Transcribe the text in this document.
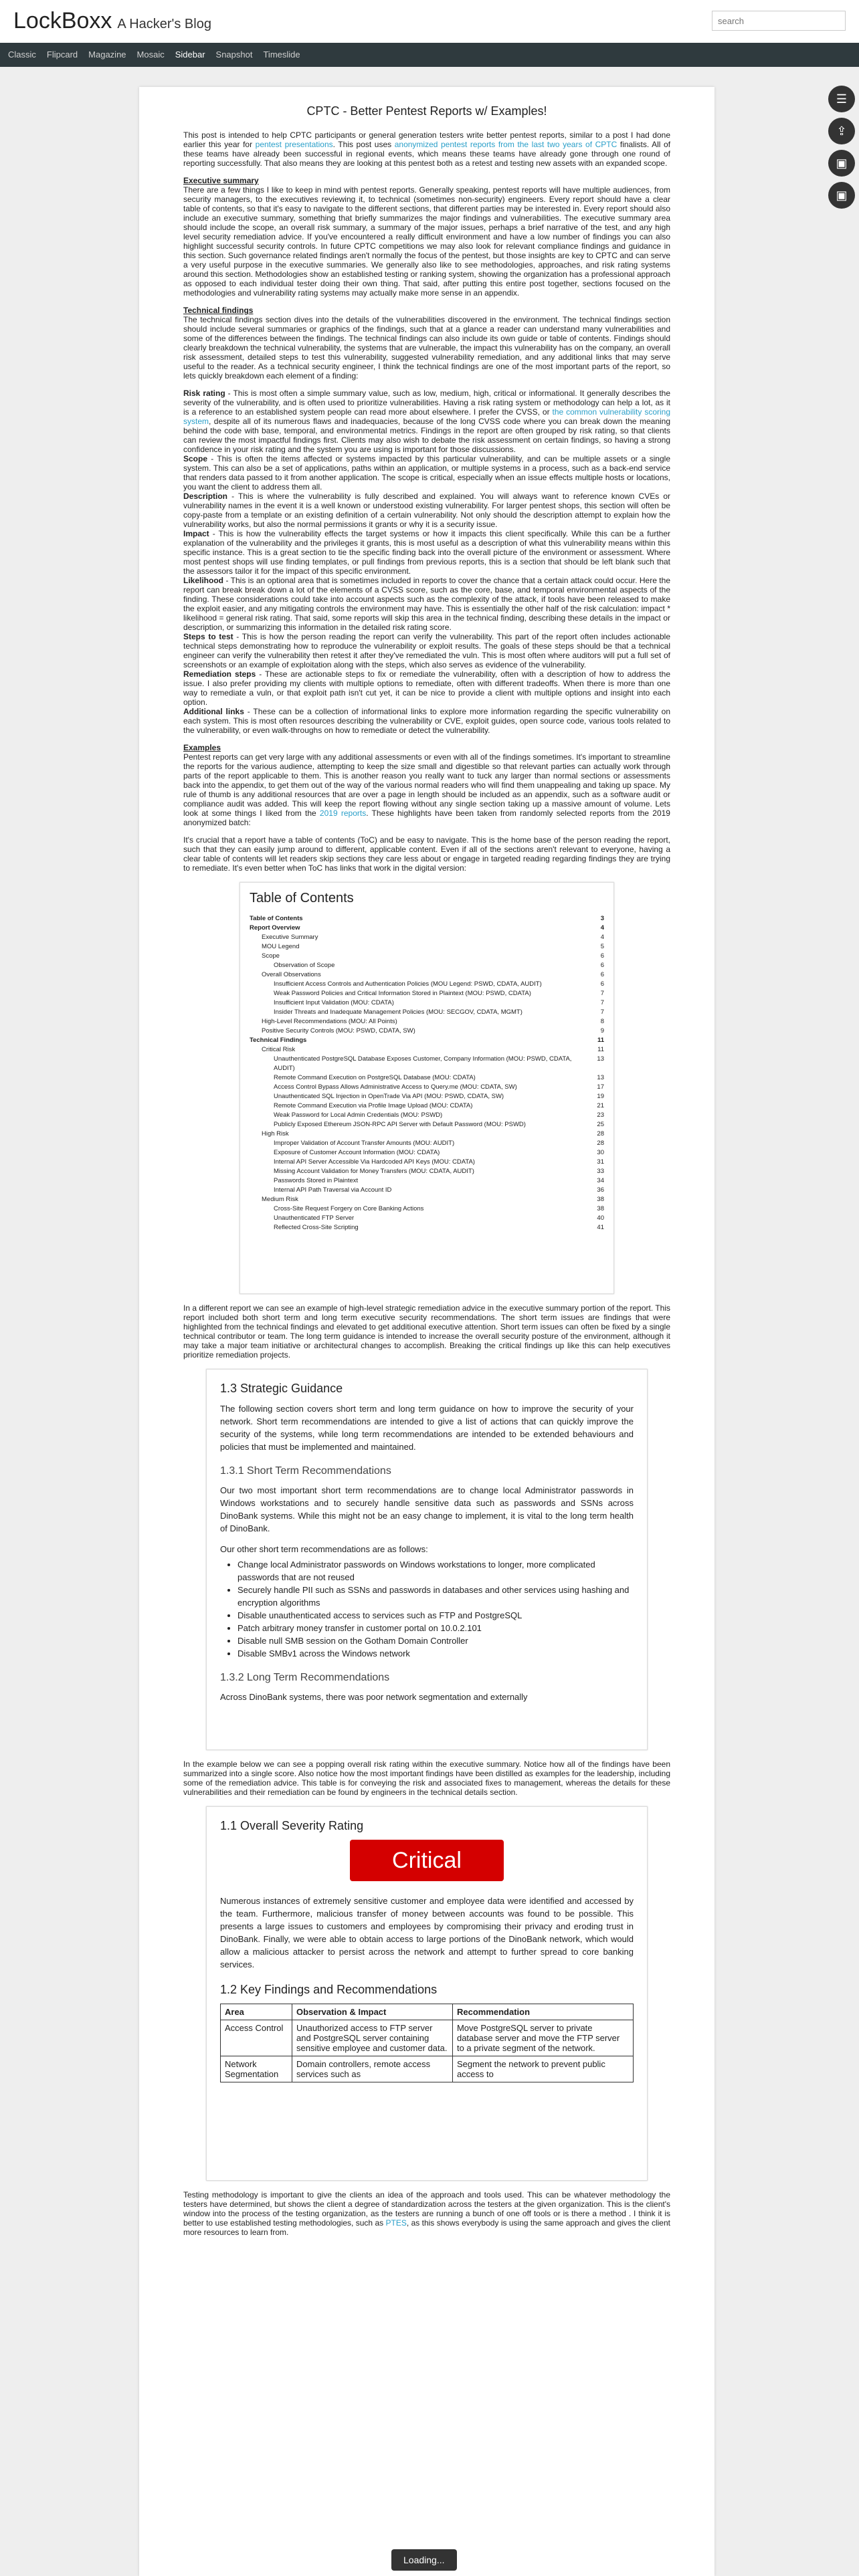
LockBoxx A Hacker's Blog
search
Classic Flipcard Magazine Mosaic Sidebar Snapshot Timeslide
☰
⇪
▣
▣
CPTC - Better Pentest Reports w/ Examples!

This post is intended to help CPTC participants or general generation testers write better pentest reports, similar to a post I had done earlier this year for pentest presentations. This post uses anonymized pentest reports from the last two years of CPTC finalists. All of these teams have already been successful in regional events, which means these teams have already gone through one round of reporting successfully. That also means they are looking at this pentest both as a retest and testing new assets with an expanded scope.

Executive summary

There are a few things I like to keep in mind with pentest reports. Generally speaking, pentest reports will have multiple audiences, from security managers, to the executives reviewing it, to technical (sometimes non-security) engineers. Every report should have a clear table of contents, so that it's easy to navigate to the different sections, that different parties may be interested in. Every report should also include an executive summary, something that briefly summarizes the major findings and vulnerabilities. The executive summary area should include the scope, an overall risk summary, a summary of the major issues, perhaps a brief narrative of the test, and any high level security remediation advice. If you've encountered a really difficult environment and have a low number of findings you can also highlight successful security controls. In future CPTC competitions we may also look for relevant compliance findings and guidance in this section. Such governance related findings aren't normally the focus of the pentest, but those insights are key to CPTC and can serve a very useful purpose in the executive summaries. We generally also like to see methodologies, approaches, and risk rating systems around this section. Methodologies show an established testing or ranking system, showing the organization has a professional approach as opposed to each individual tester doing their own thing. That said, after putting this entire post together, sections focused on the methodologies and vulnerability rating systems may actually make more sense in an appendix.

Technical findings

The technical findings section dives into the details of the vulnerabilities discovered in the environment. The technical findings section should include several summaries or graphics of the findings, such that at a glance a reader can understand many vulnerabilities and some of the differences between the findings. The technical findings can also include its own guide or table of contents. Findings should clearly breakdown the technical vulnerability, the systems that are vulnerable, the impact this vulnerability has on the company, an overall risk assessment, detailed steps to test this vulnerability, suggested vulnerability remediation, and any additional links that may serve useful to the reader. As a technical security engineer, I think the technical findings are one of the most important parts of the report, so lets quickly breakdown each element of a finding:

Risk rating - This is most often a simple summary value, such as low, medium, high, critical or informational. It generally describes the severity of the vulnerability, and is often used to prioritize vulnerabilities. Having a risk rating system or methodology can help a lot, as it is a reference to an established system people can read more about elsewhere. I prefer the CVSS, or the common vulnerability scoring system, despite all of its numerous flaws and inadequacies, because of the long CVSS code where you can break down the meaning behind the code with base, temporal, and environmental metrics. Findings in the report are often grouped by risk rating, so that clients can review the most impactful findings first. Clients may also wish to debate the risk assessment on certain findings, so having a strong confidence in your risk rating and the system you are using is important for those discussions.
Scope - This is often the items affected or systems impacted by this particular vulnerability, and can be multiple assets or a single system. This can also be a set of applications, paths within an application, or multiple systems in a process, such as a back-end service that renders data passed to it from another application. The scope is critical, especially when an issue effects multiple hosts or locations, you want the client to address them all.
Description - This is where the vulnerability is fully described and explained. You will always want to reference known CVEs or vulnerability names in the event it is a well known or understood existing vulnerability. For larger pentest shops, this section will often be copy-paste from a template or an existing definition of a certain vulnerability. Not only should the description attempt to explain how the vulnerability works, but also the normal permissions it grants or why it is a security issue.
Impact - This is how the vulnerability effects the target systems or how it impacts this client specifically. While this can be a further explanation of the vulnerability and the privileges it grants, this is most useful as a description of what this vulnerability means within this specific instance. This is a great section to tie the specific finding back into the overall picture of the environment or assessment. Where most pentest shops will use finding templates, or pull findings from previous reports, this is a section that should be left blank such that the assessors tailor it for the impact of this specific environment.
Likelihood - This is an optional area that is sometimes included in reports to cover the chance that a certain attack could occur. Here the report can break break down a lot of the elements of a CVSS score, such as the core, base, and temporal environmental aspects of the finding. These considerations could take into account aspects such as the complexity of the attack, if tools have been released to make the exploit easier, and any mitigating controls the environment may have. This is essentially the other half of the risk calculation: impact * likelihood = general risk rating. That said, some reports will skip this area in the technical finding, describing these details in the impact or description, or summarizing this information in the detailed risk rating score.
Steps to test - This is how the person reading the report can verify the vulnerability. This part of the report often includes actionable technical steps demonstrating how to reproduce the vulnerability or exploit results. The goals of these steps should be that a technical engineer can verify the vulnerability then retest it after they've remediated the vuln. This is most often where auditors will put a full set of screenshots or an example of exploitation along with the steps, which also serves as evidence of the vulnerability.
Remediation steps - These are actionable steps to fix or remediate the vulnerability, often with a description of how to address the issue. I also prefer providing my clients with multiple options to remediate, often with different tradeoffs. When there is more than one way to remediate a vuln, or that exploit path isn't cut yet, it can be nice to provide a client with multiple options and insight into each option.
Additional links - These can be a collection of informational links to explore more information regarding the specific vulnerability on each system. This is most often resources describing the vulnerability or CVE, exploit guides, open source code, various tools related to the vulnerability, or even walk-throughs on how to remediate or detect the vulnerability.

Examples

Pentest reports can get very large with any additional assessments or even with all of the findings sometimes. It's important to streamline the reports for the various audience, attempting to keep the size small and digestible so that relevant parties can actually work through parts of the report applicable to them. This is another reason you really want to tuck any larger than normal sections or assessments back into the appendix, to get them out of the way of the various normal readers who will find them unappealing and taking up space. My rule of thumb is any additional resources that are over a page in length should be included as an appendix, such as a software audit or compliance audit was added. This will keep the report flowing without any single section taking up a massive amount of volume. Lets look at some things I liked from the 2019 reports. These highlights have been taken from randomly selected reports from the 2019 anonymized batch:

It's crucial that a report have a table of contents (ToC) and be easy to navigate. This is the home base of the person reading the report, such that they can easily jump around to different, applicable content. Even if all of the sections aren't relevant to everyone, having a clear table of contents will let readers skip sections they care less about or engage in targeted reading regarding findings they are trying to remediate. It's even better when ToC has links that work in the digital version:

Table of Contents
Table of Contents	3
Report Overview	4
Executive Summary	4
MOU Legend	5
Scope	6
Observation of Scope	6
Overall Observations	6
Insufficient Access Controls and Authentication Policies (MOU Legend: PSWD, CDATA, AUDIT)	6
Weak Password Policies and Critical Information Stored in Plaintext (MOU: PSWD, CDATA)	7
Insufficient Input Validation (MOU: CDATA)	7
Insider Threats and Inadequate Management Policies (MOU: SECGOV, CDATA, MGMT)	7
High-Level Recommendations (MOU: All Points)	8
Positive Security Controls (MOU: PSWD, CDATA, SW)	9
Technical Findings	11
Critical Risk	11
Unauthenticated PostgreSQL Database Exposes Customer, Company Information (MOU: PSWD, CDATA, AUDIT)
13
Remote Command Execution on PostgreSQL Database (MOU: CDATA)	13
Access Control Bypass Allows Administrative Access to Query.me (MOU: CDATA, SW)	17
Unauthenticated SQL Injection in OpenTrade Via API (MOU: PSWD, CDATA, SW)	19
Remote Command Execution via Profile Image Upload (MOU: CDATA)	21
Weak Password for Local Admin Credentials (MOU: PSWD)	23
Publicly Exposed Ethereum JSON-RPC API Server with Default Password (MOU: PSWD)	25
High Risk	28
Improper Validation of Account Transfer Amounts (MOU: AUDIT)	28
Exposure of Customer Account Information (MOU: CDATA)	30
Internal API Server Accessible Via Hardcoded API Keys (MOU: CDATA)	31
Missing Account Validation for Money Transfers (MOU: CDATA, AUDIT)	33
Passwords Stored in Plaintext	34
Internal API Path Traversal via Account ID	36
Medium Risk	38
Cross-Site Request Forgery on Core Banking Actions	38
Unauthenticated FTP Server	40
Reflected Cross-Site Scripting	41

In a different report we can see an example of high-level strategic remediation advice in the executive summary portion of the report. This report included both short term and long term executive security recommendations. The short term issues are findings that were highlighted from the technical findings and elevated to get additional executive attention. Short term issues can often be fixed by a single technical contributor or team. The long term guidance is intended to increase the overall security posture of the environment, although it may take a major team initiative or architectural changes to accomplish. Breaking the critical findings up like this can help executives prioritize remediation projects.

1.3 Strategic Guidance

The following section covers short term and long term guidance on how to improve the security of your network. Short term recommendations are intended to give a list of actions that can quickly improve the security of the systems, while long term recommendations are intended to be extended behaviours and policies that must be implemented and maintained.

1.3.1 Short Term Recommendations

Our two most important short term recommendations are to change local Administrator passwords in Windows workstations and to securely handle sensitive data such as passwords and SSNs across DinoBank systems. While this might not be an easy change to implement, it is vital to the long term health of DinoBank.

Our other short term recommendations are as follows:

• Change local Administrator passwords on Windows workstations to longer, more complicated passwords that are not reused
• Securely handle PII such as SSNs and passwords in databases and other services using hashing and encryption algorithms
• Disable unauthenticated access to services such as FTP and PostgreSQL
• Patch arbitrary money transfer in customer portal on 10.0.2.101
• Disable null SMB session on the Gotham Domain Controller
• Disable SMBv1 across the Windows network
1.3.2 Long Term Recommendations

Across DinoBank systems, there was poor network segmentation and externally

In the example below we can see a popping overall risk rating within the executive summary. Notice how all of the findings have been summarized into a single score. Also notice how the most important findings have been distilled as examples for the leadership, including some of the remediation advice. This table is for conveying the risk and associated fixes to management, whereas the details for these vulnerabilities and their remediation can be found by engineers in the technical details section.

1.1 Overall Severity Rating
Critical

Numerous instances of extremely sensitive customer and employee data were identified and accessed by the team. Furthermore, malicious transfer of money between accounts was found to be possible. This presents a large issues to customers and employees by compromising their privacy and eroding trust in DinoBank. Finally, we were able to obtain access to large portions of the DinoBank network, which would allow a malicious attacker to persist across the network and attempt to further spread to core banking services.

1.2 Key Findings and Recommendations
Area	Observation & Impact	Recommendation
Access Control	Unauthorized access to FTP server and PostgreSQL server containing sensitive employee and customer data.	Move PostgreSQL server to private database server and move the FTP server to a private segment of the network.
Network Segmentation	Domain controllers, remote access services such as	Segment the network to prevent public access to

Testing methodology is important to give the clients an idea of the approach and tools used. This can be whatever methodology the testers have determined, but shows the client a degree of standardization across the testers at the given organization. This is the client's window into the process of the testing organization, as the testers are running a bunch of one off tools or is there a method . I think it is better to use established testing methodologies, such as PTES, as this shows everybody is using the same approach and gives the client more resources to learn from.

Loading...
